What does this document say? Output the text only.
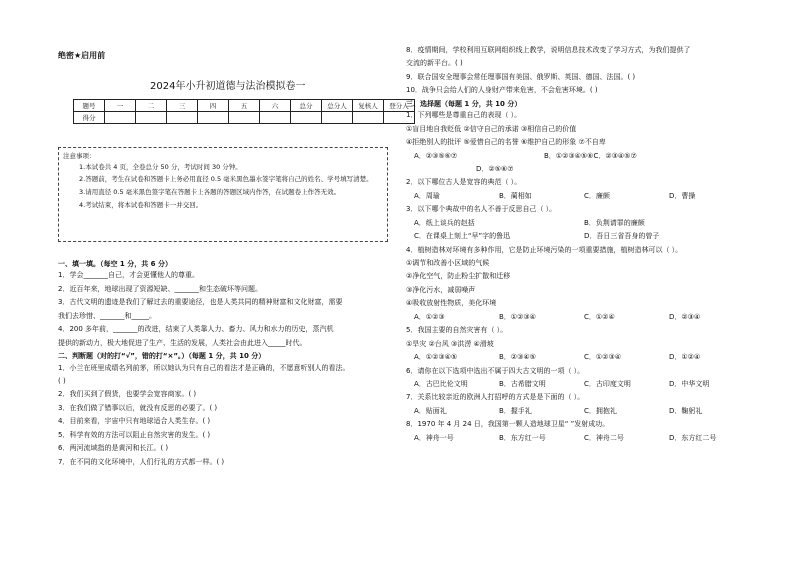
绝密★启用前
2024年小升初道德与法治模拟卷一
题号	一	二	三	四	五	六	总分	总分人	复核人	登分人
得分										
注意事项：

1.本试卷共 4 页，全卷总分 50 分，考试时间 30 分钟。

2.答题前，考生在试卷和答题卡上务必用直径 0.5 毫米黑色墨水签字笔将自己的姓名、学号填写清楚。

3.请用直径 0.5 毫米黑色签字笔在答题卡上各题的答题区域内作答，在试题卷上作答无效。

4.考试结束，将本试卷和答题卡一并交回。

一、填一填。（每空 1 分，共 6 分）
1．学会_______自己，才会更懂他人的尊重。
2．近百年来，地球出现了资源短缺、_______和生态破坏等问题。
3．古代文明的遗迹是我们了解过去的重要途径，也是人类共同的精神财富和文化财富，需要
我们去珍惜、_______和_____。
4．200 多年前，_______的改进，结束了人类靠人力、畜力、风力和水力的历史，蒸汽机
提供的新动力，极大地促进了生产、生活的发展，人类社会由此进入_____时代。
二、判断题（对的打“√”，错的打“×”。）（每题 1 分，共 10 分）
1．小兰在班里成绩名列前茅，所以她认为只有自己的看法才是正确的，不愿意听别人的看法。
( )
2．我们买到了假货，也要学会宽容商家。( )
3．在我们做了错事以后，就没有反思的必要了。( )
4．目前来看，宇宙中只有地球适合人类生存。( )
5．科学有效的方法可以阻止自然灾害的发生。( )
6．两河流域指的是黄河和长江。( )
7．在不同的文化环境中，人们行礼的方式都一样。( )
8．疫情期间，学校利用互联网组织线上教学，说明信息技术改变了学习方式，为我们提供了
交流的新平台。( )
9．联合国安全理事会常任理事国有美国、俄罗斯、英国、德国、法国。( )
10．战争只会给人们的人身财产带来危害，不会危害环境。( )
三、选择题（每题 1 分，共 10 分）
1．下列哪些是尊重自己的表现（ ）。
①盲目地自我贬低 ②信守自己的承诺 ③相信自己的价值
④拒绝别人的批评 ⑤爱惜自己的名誉 ⑥维护自己的形象 ⑦不自卑
A．②③⑤⑥⑦	B．①②③④⑤⑥C．②③④⑤⑦
D．②⑤⑥⑦
2．以下哪位古人是宽容的典范（ ）。
A．周瑜	B．蔺相如	C．廉颇	D．曹操
3．以下哪个典故中的名人不善于反思自己（ ）。
A．纸上谈兵的赵括	B．负荆请罪的廉颇
C．在课桌上刻上“早”字的鲁迅	D．吾日三省吾身的曾子
4．植树造林对环境有多种作用，它是防止环境污染的一项重要措施，植树造林可以（ ）。
①调节和改善小区域的气候
②净化空气，防止粉尘扩散和迁移
③净化污水，减弱噪声
④吸收放射性物质，美化环境
A．①②③	B．①②③④	C．①②④	D．②③④
5．我国主要的自然灾害有（ ）。
①旱灾 ②台风 ③洪涝 ④滑坡
A．①②③④⑤	B．②③④⑤	C．①②③④	D．①②④
6．请你在以下选项中选出不属于四大古文明的一项（ ）。
A．古巴比伦文明	B．古希腊文明	C．古印度文明	D．中华文明
7．关系比较亲近的欧洲人打招呼的方式是是下面的（ ）。
A．贴面礼	B．握手礼	C．拥抱礼	D．鞠躬礼
8．1970 年 4 月 24 日，我国第一颗人造地球卫星“ ”发射成功。
A．神舟一号	B．东方红一号	C．神舟二号	D．东方红二号
